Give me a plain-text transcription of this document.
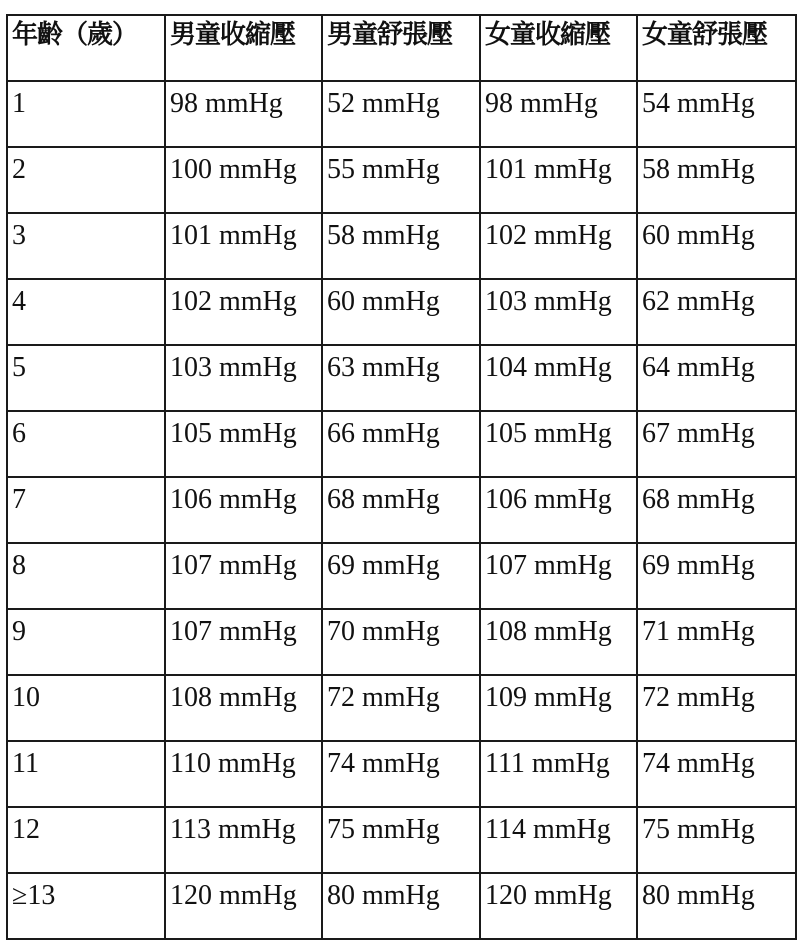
年齡（歲）	男童收縮壓	男童舒張壓	女童收縮壓	女童舒張壓
1	98 mmHg	52 mmHg	98 mmHg	54 mmHg
2	100 mmHg	55 mmHg	101 mmHg	58 mmHg
3	101 mmHg	58 mmHg	102 mmHg	60 mmHg
4	102 mmHg	60 mmHg	103 mmHg	62 mmHg
5	103 mmHg	63 mmHg	104 mmHg	64 mmHg
6	105 mmHg	66 mmHg	105 mmHg	67 mmHg
7	106 mmHg	68 mmHg	106 mmHg	68 mmHg
8	107 mmHg	69 mmHg	107 mmHg	69 mmHg
9	107 mmHg	70 mmHg	108 mmHg	71 mmHg
10	108 mmHg	72 mmHg	109 mmHg	72 mmHg
11	110 mmHg	74 mmHg	111 mmHg	74 mmHg
12	113 mmHg	75 mmHg	114 mmHg	75 mmHg
≥13	120 mmHg	80 mmHg	120 mmHg	80 mmHg
